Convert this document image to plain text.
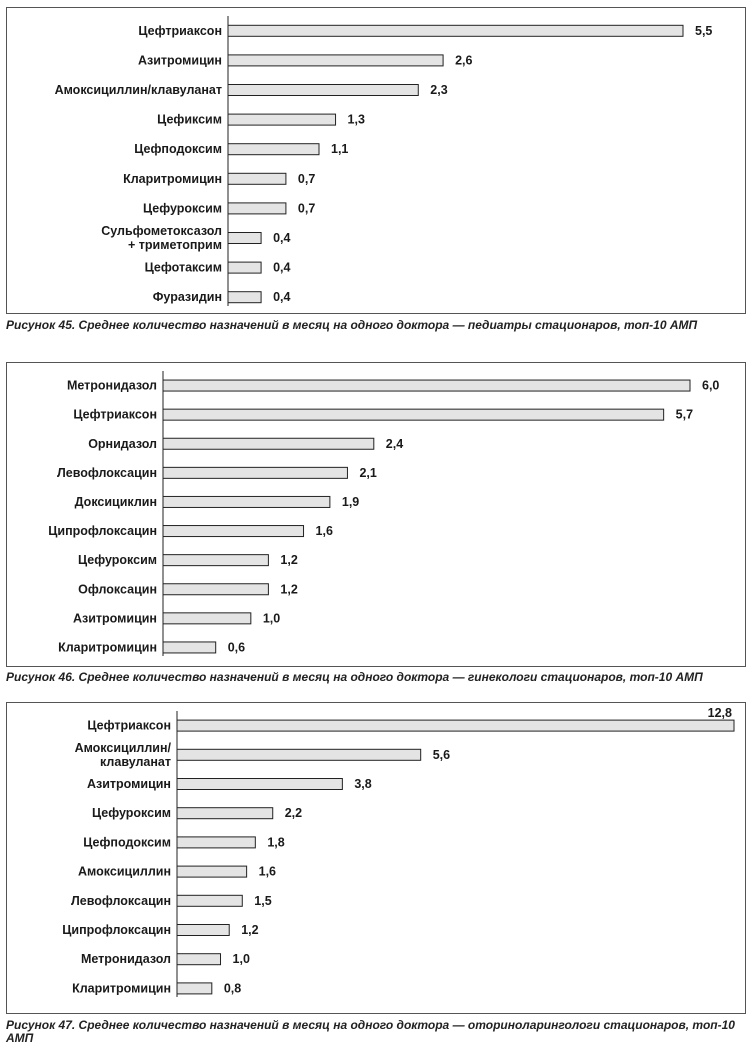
Цефтриаксон	5,5
Азитромицин	2,6
Амоксициллин/клавуланат	2,3
Цефиксим	1,3
Цефподоксим	1,1
Кларитромицин	0,7
Цефуроксим	0,7
Сульфометоксазол + триметоприм	0,4
Цефотаксим	0,4
Фуразидин	0,4
Рисунок 45. Среднее количество назначений в месяц на одного доктора — педиатры стационаров, топ-10 АМП
Метронидазол	6,0
Цефтриаксон	5,7
Орнидазол	2,4
Левофлоксацин	2,1
Доксициклин	1,9
Ципрофлоксацин	1,6
Цефуроксим	1,2
Офлоксацин	1,2
Азитромицин	1,0
Кларитромицин	0,6
Рисунок 46. Среднее количество назначений в месяц на одного доктора — гинекологи стационаров, топ-10 АМП
Цефтриаксон
12,8
Амоксициллин/ клавуланат	5,6
Азитромицин	3,8
Цефуроксим	2,2
Цефподоксим	1,8
Амоксициллин	1,6
Левофлоксацин	1,5
Ципрофлоксацин	1,2
Метронидазол	1,0
Кларитромицин	0,8
Рисунок 47. Среднее количество назначений в месяц на одного доктора — оториноларингологи стационаров, топ-10 АМП
